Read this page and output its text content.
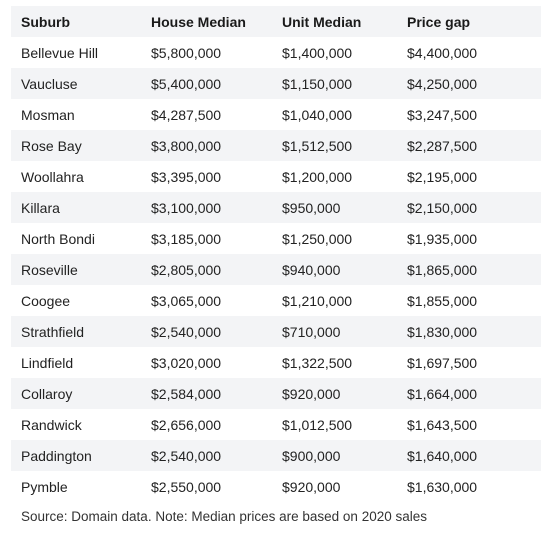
Suburb	House Median	Unit Median	Price gap
Bellevue Hill	$5,800,000	$1,400,000	$4,400,000
Vaucluse	$5,400,000	$1,150,000	$4,250,000
Mosman	$4,287,500	$1,040,000	$3,247,500
Rose Bay	$3,800,000	$1,512,500	$2,287,500
Woollahra	$3,395,000	$1,200,000	$2,195,000
Killara	$3,100,000	$950,000	$2,150,000
North Bondi	$3,185,000	$1,250,000	$1,935,000
Roseville	$2,805,000	$940,000	$1,865,000
Coogee	$3,065,000	$1,210,000	$1,855,000
Strathfield	$2,540,000	$710,000	$1,830,000
Lindfield	$3,020,000	$1,322,500	$1,697,500
Collaroy	$2,584,000	$920,000	$1,664,000
Randwick	$2,656,000	$1,012,500	$1,643,500
Paddington	$2,540,000	$900,000	$1,640,000
Pymble	$2,550,000	$920,000	$1,630,000
Source: Domain data. Note: Median prices are based on 2020 sales
